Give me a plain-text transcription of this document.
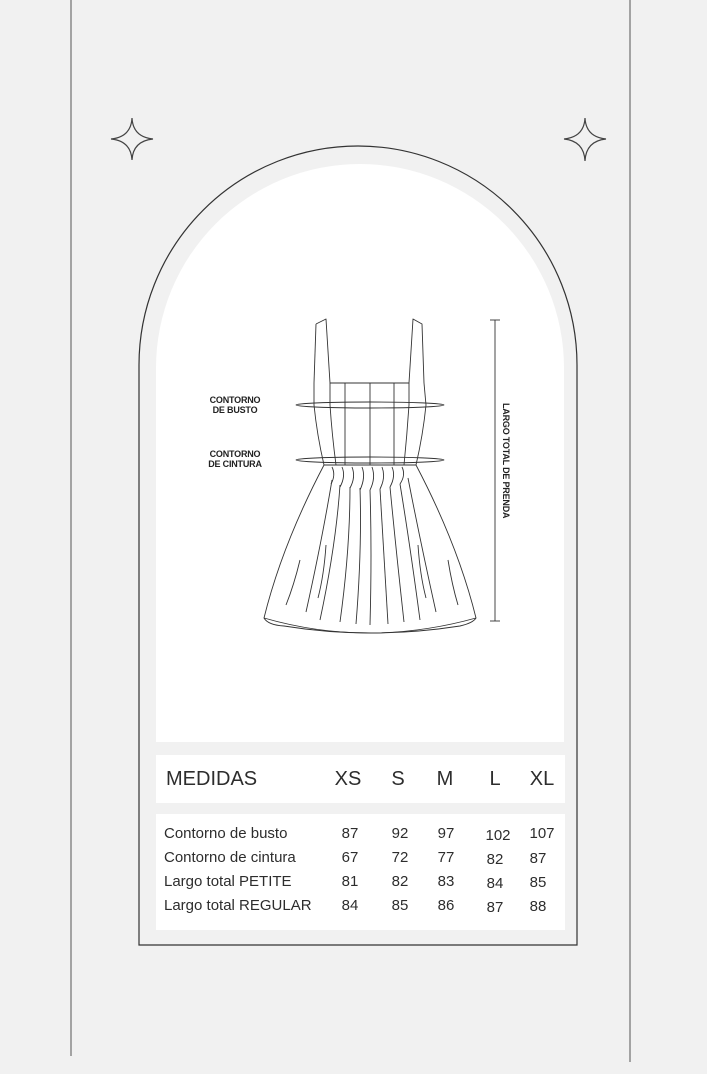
CONTORNO
DE BUSTO
CONTORNO
DE CINTURA	LARGO TOTAL DE PRENDA
MEDIDAS	XS	S	M	L	XL
Contorno de busto	87	92	97	102	107
Contorno de cintura	67	72	77	82	87
Largo total PETITE	81	82	83	84	85
Largo total REGULAR	84	85	86	87	88
